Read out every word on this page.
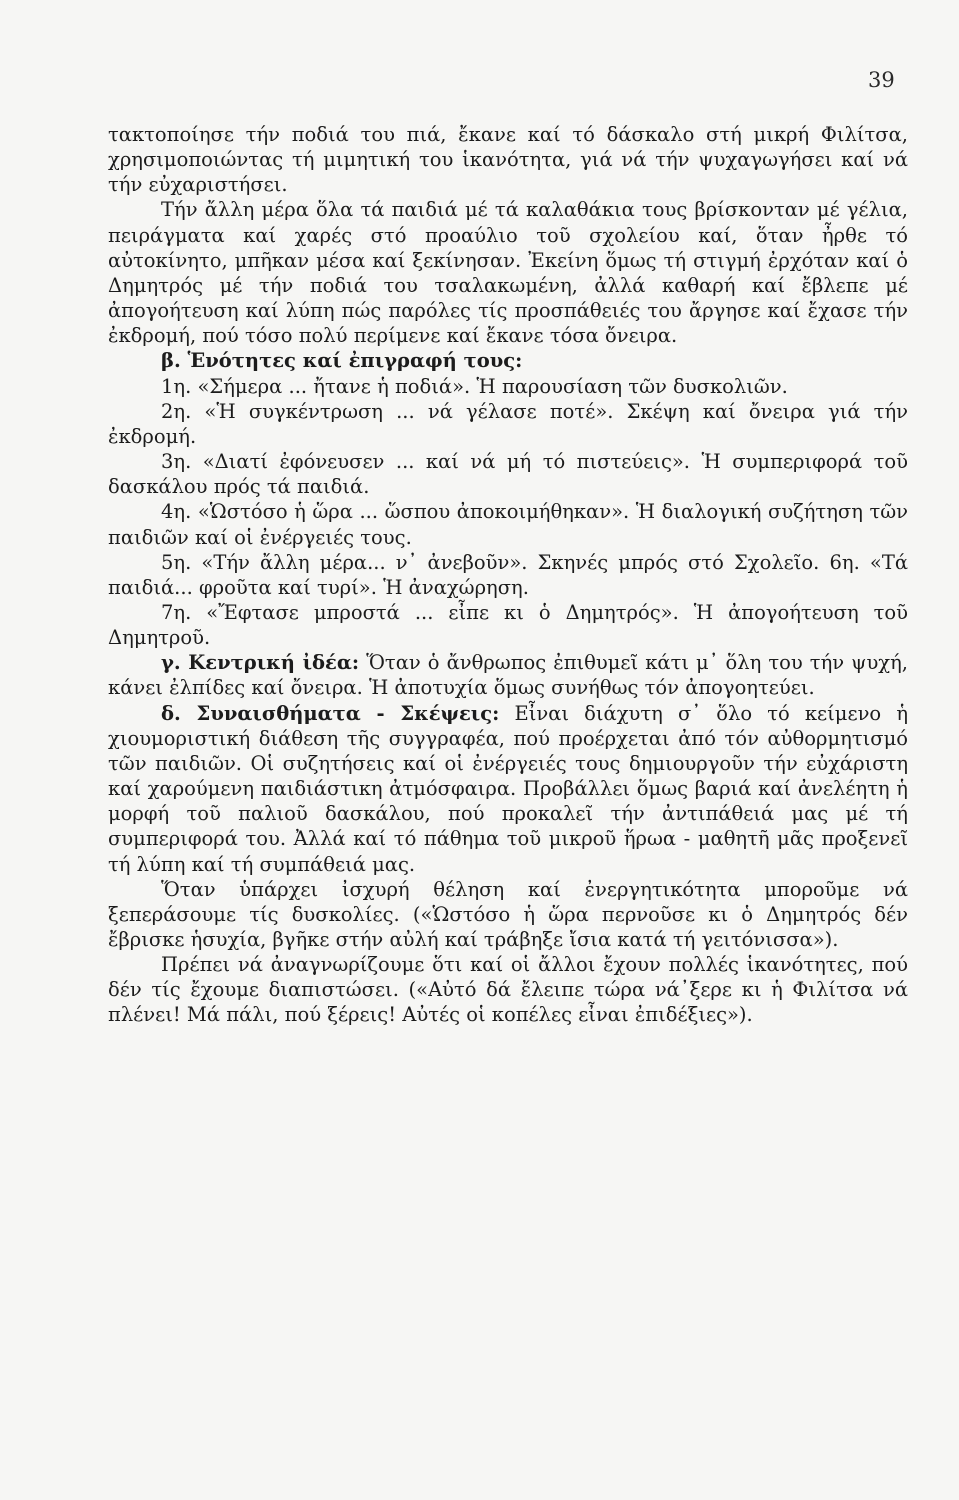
39

τακτοποίησε τήν ποδιά του πιά, ἔκανε καί τό δάσκαλο στή μικρή Φιλίτσα, χρησιμοποιώντας τή μιμητική του ἱκανότητα, γιά νά τήν ψυχαγωγήσει καί νά τήν εὐχαριστήσει.

Τήν ἄλλη μέρα ὅλα τά παιδιά μέ τά καλαθάκια τους βρίσκονταν μέ γέλια, πειράγματα καί χαρές στό προαύλιο τοῦ σχολείου καί, ὅταν ἦρθε τό αὐτοκίνητο, μπῆκαν μέσα καί ξεκίνησαν. Ἐκείνη ὅμως τή στιγμή ἐρχόταν καί ὁ Δημητρός μέ τήν ποδιά του τσαλακωμένη, ἀλλά καθαρή καί ἔβλεπε μέ ἀπογοήτευση καί λύπη πώς παρόλες τίς προσπάθειές του ἄργησε καί ἔχασε τήν ἐκδρομή, πού τόσο πολύ περίμενε καί ἔκανε τόσα ὄνειρα.

β. Ἑνότητες καί ἐπιγραφή τους:

1η. «Σήμερα ... ἤτανε ἡ ποδιά». Ἡ παρουσίαση τῶν δυσκολιῶν.

2η. «Ἡ συγκέντρωση ... νά γέλασε ποτέ». Σκέψη καί ὄνειρα γιά τήν ἐκδρομή.

3η. «Διατί ἐφόνευσεν ... καί νά μή τό πιστεύεις». Ἡ συμπεριφορά τοῦ δασκάλου πρός τά παιδιά.

4η. «Ὡστόσο ἡ ὥρα ... ὥσπου ἀποκοιμήθηκαν». Ἡ διαλογική συζήτηση τῶν παιδιῶν καί οἱ ἐνέργειές τους.

5η. «Τήν ἄλλη μέρα... ν᾽ ἀνεβοῦν». Σκηνές μπρός στό Σχολεῖο. 6η. «Τά παιδιά... φροῦτα καί τυρί». Ἡ ἀναχώρηση.

7η. «Ἔφτασε μπροστά ... εἶπε κι ὁ Δημητρός». Ἡ ἀπογοήτευση τοῦ Δημητροῦ.

γ. Κεντρική ἰδέα: Ὅταν ὁ ἄνθρωπος ἐπιθυμεῖ κάτι μ᾽ ὅλη του τήν ψυχή, κάνει ἐλπίδες καί ὄνειρα. Ἡ ἀποτυχία ὅμως συνήθως τόν ἀπογοητεύει.

δ. Συναισθήματα - Σκέψεις: Εἶναι διάχυτη σ᾽ ὅλο τό κείμενο ἡ χιουμοριστική διάθεση τῆς συγγραφέα, πού προέρχεται ἀπό τόν αὐθορμητισμό τῶν παιδιῶν. Οἱ συζητήσεις καί οἱ ἐνέργειές τους δημιουργοῦν τήν εὐχάριστη καί χαρούμενη παιδιάστικη ἀτμόσφαιρα. Προβάλλει ὅμως βαριά καί ἀνελέητη ἡ μορφή τοῦ παλιοῦ δασκάλου, πού προκαλεῖ τήν ἀντιπάθειά μας μέ τή συμπεριφορά του. Ἀλλά καί τό πάθημα τοῦ μικροῦ ἥρωα - μαθητῆ μᾶς προξενεῖ τή λύπη καί τή συμπάθειά μας.

Ὅταν ὑπάρχει ἰσχυρή θέληση καί ἐνεργητικότητα μποροῦμε νά ξεπεράσουμε τίς δυσκολίες. («Ὡστόσο ἡ ὥρα περνοῦσε κι ὁ Δημητρός δέν ἔβρισκε ἡσυχία, βγῆκε στήν αὐλή καί τράβηξε ἴσια κατά τή γειτόνισσα»).

Πρέπει νά ἀναγνωρίζουμε ὅτι καί οἱ ἄλλοι ἔχουν πολλές ἱκανότητες, πού δέν τίς ἔχουμε διαπιστώσει. («Αὐτό δά ἔλειπε τώρα νά᾽ξερε κι ἡ Φιλίτσα νά πλένει! Μά πάλι, πού ξέρεις! Αὐτές οἱ κοπέλες εἶναι ἐπιδέξιες»).
